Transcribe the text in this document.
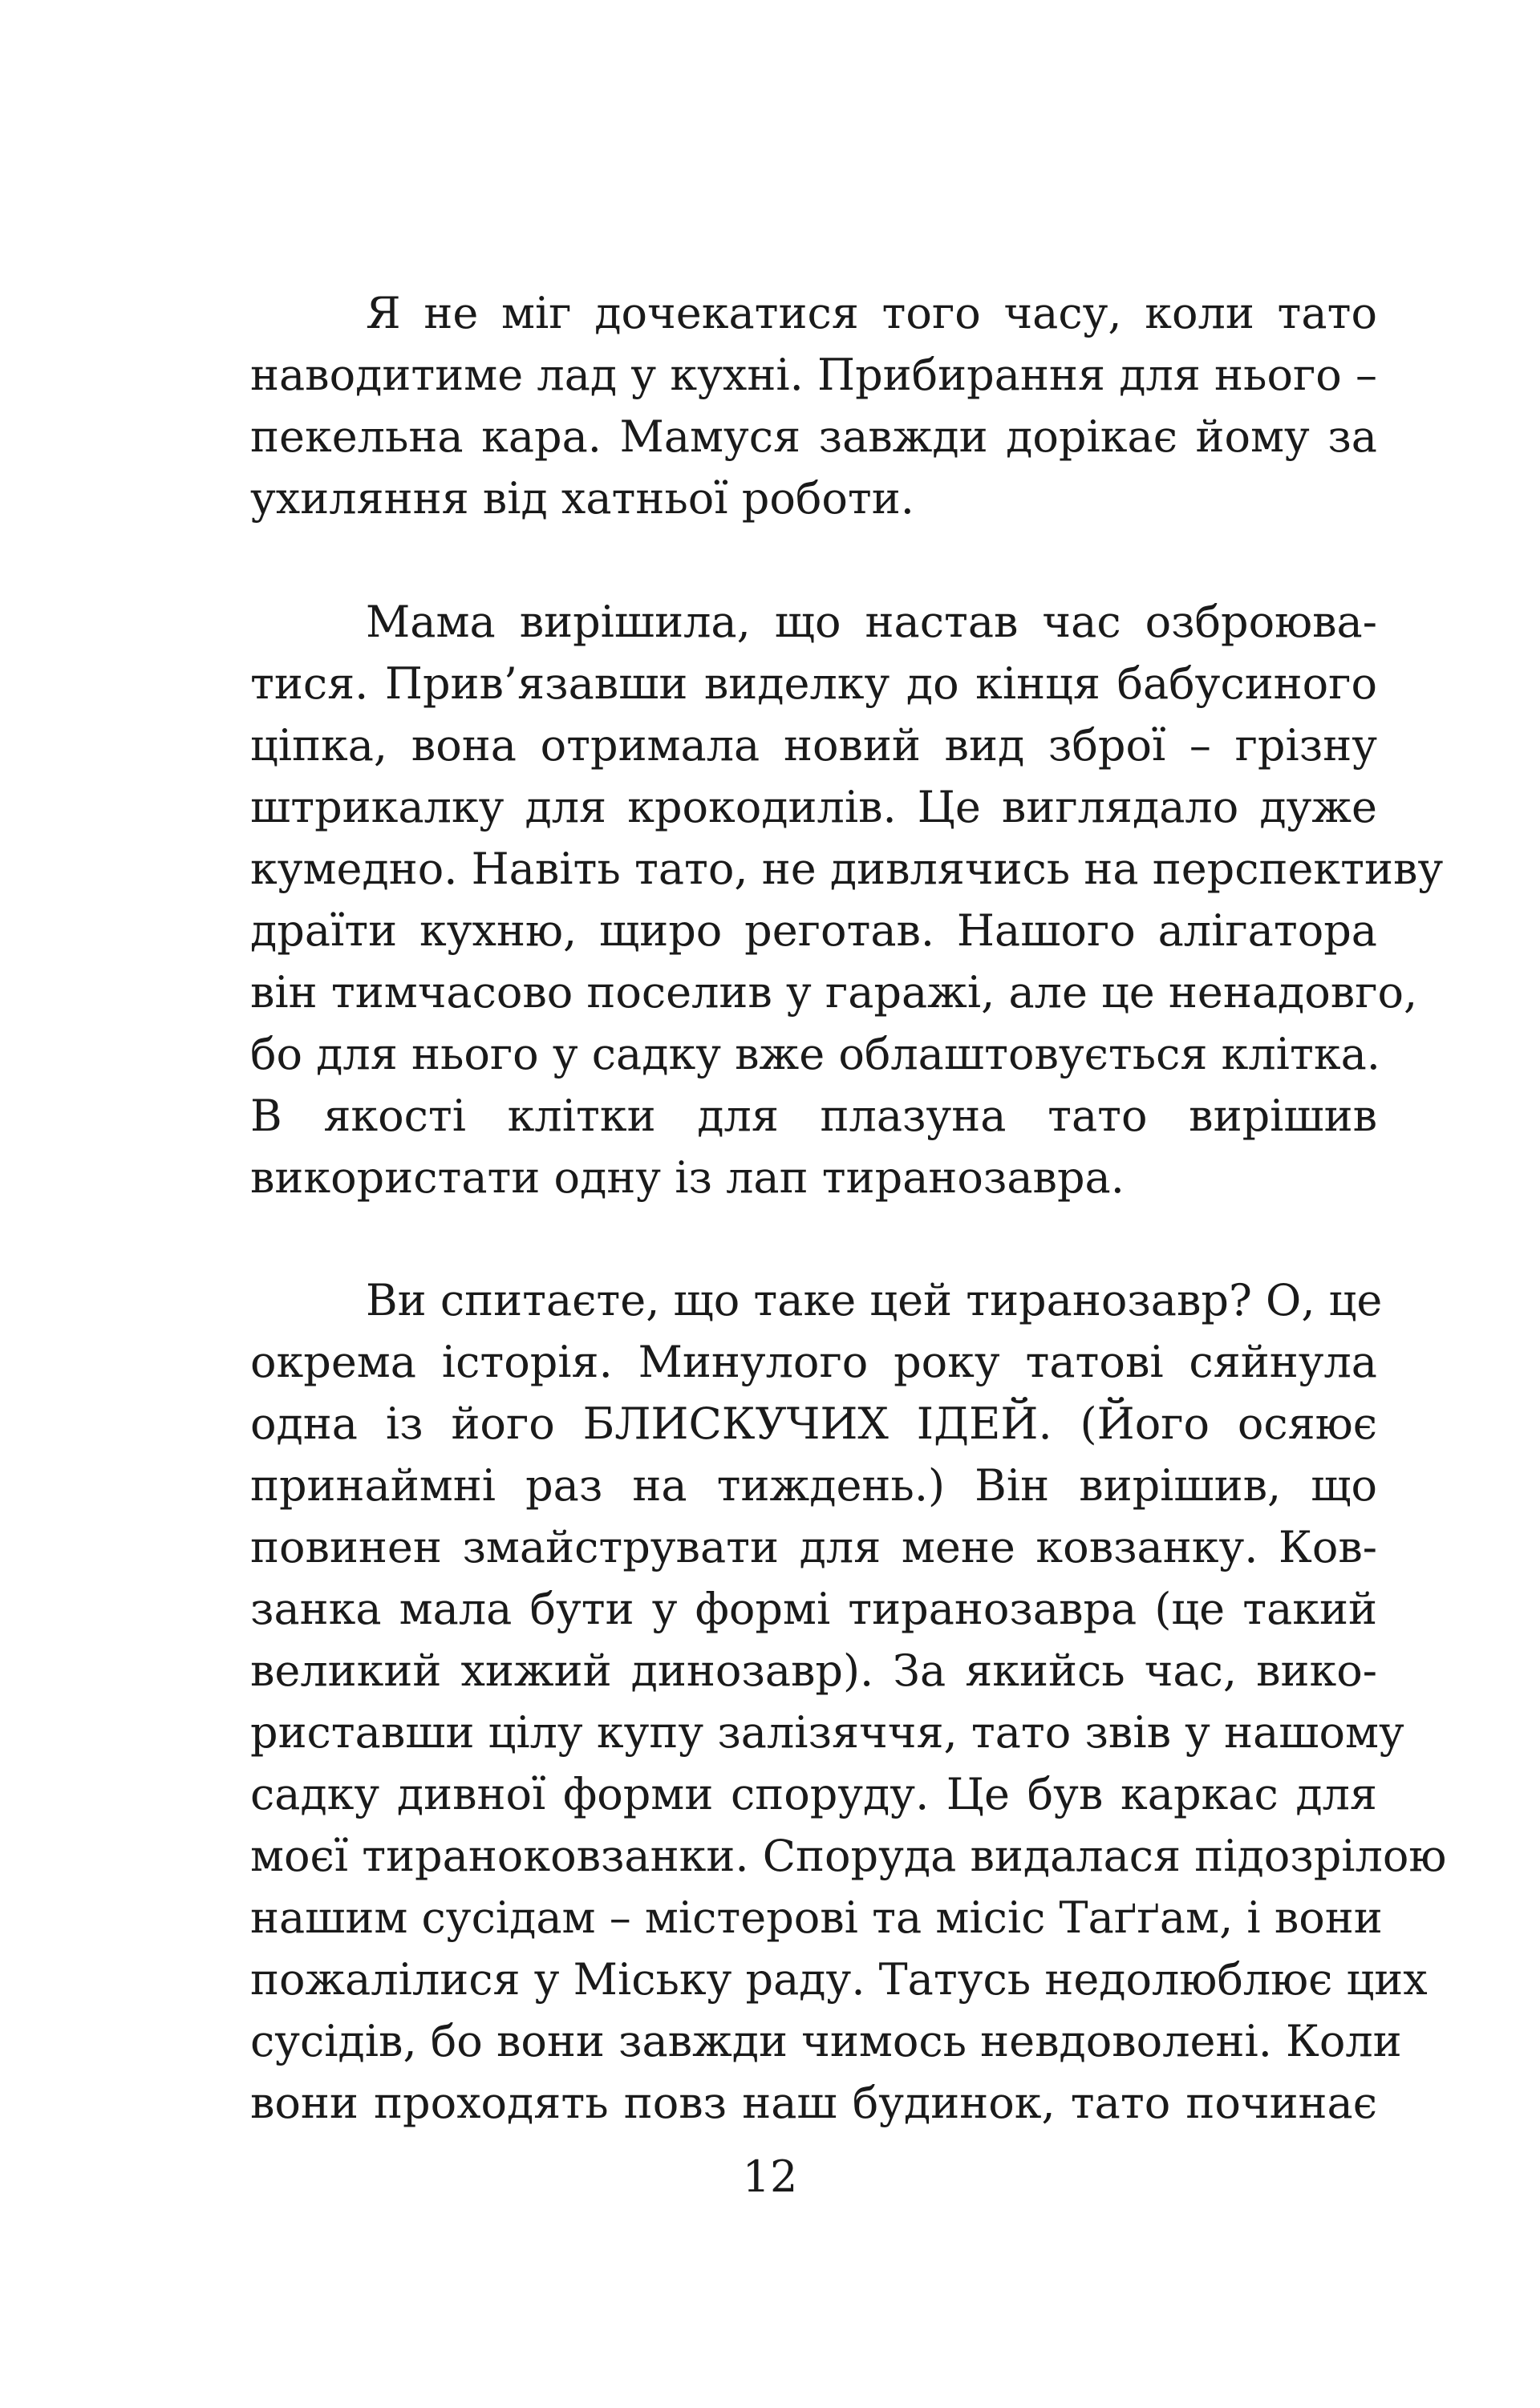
Я не міг дочекатися того часу, коли тато
наводитиме лад у кухні. Прибирання для нього –
пекельна кара. Мамуся завжди дорікає йому за
ухиляння від хатньої роботи.
Мама вирішила, що настав час озброюва-
тися. Прив’язавши виделку до кінця бабусиного
ціпка, вона отримала новий вид зброї – грізну
штрикалку для крокодилів. Це виглядало дуже
кумедно. Навіть тато, не дивлячись на перспективу
драїти кухню, щиро реготав. Нашого алігатора
він тимчасово поселив у гаражі, але це ненадовго,
бо для нього у садку вже облаштовується клітка.
В якості клітки для плазуна тато вирішив
використати одну із лап тиранозавра.
Ви спитаєте, що таке цей тиранозавр? О, це
окрема історія. Минулого року татові сяйнула
одна із його БЛИСКУЧИХ ІДЕЙ. (Його осяює
принаймні раз на тиждень.) Він вирішив, що
повинен змайструвати для мене ковзанку. Ков-
занка мала бути у формі тиранозавра (це такий
великий хижий динозавр). За якийсь час, вико-
риставши цілу купу залізяччя, тато звів у нашому
садку дивної форми споруду. Це був каркас для
моєї тираноковзанки. Споруда видалася підозрілою
нашим сусідам – містерові та місіс Таґґам, і вони
пожалілися у Міську раду. Татусь недолюблює цих
сусідів, бо вони завжди чимось невдоволені. Коли
вони проходять повз наш будинок, тато починає
12
